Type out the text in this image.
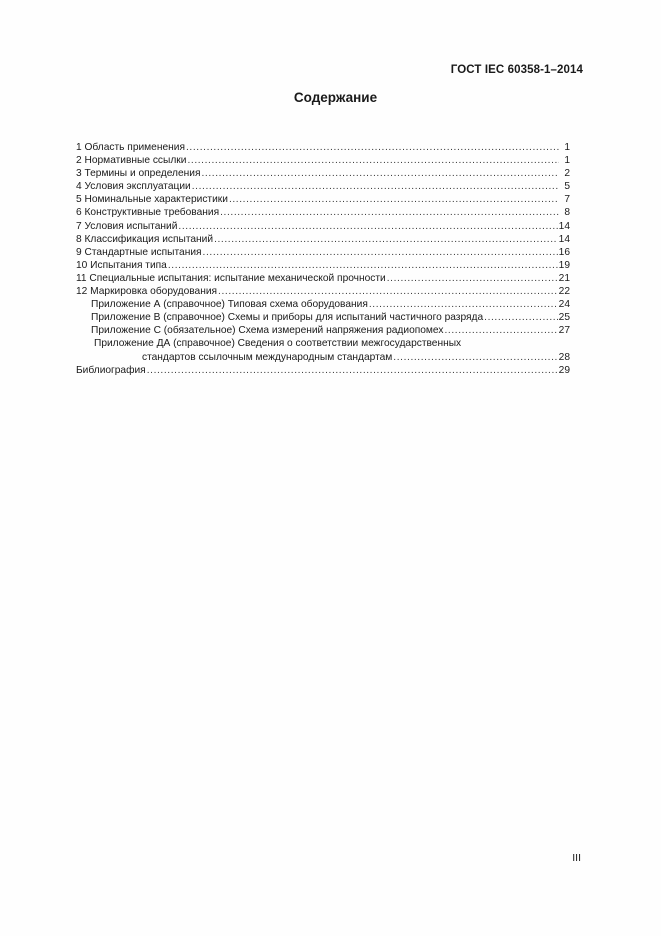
ГОСТ IEC 60358-1–2014
Содержание
1 Область применения .....	1
2 Нормативные ссылки .....	1
3 Термины и определения .....	2
4 Условия эксплуатации .....	5
5 Номинальные характеристики .....	7
6 Конструктивные требования .....	8
7 Условия испытаний .....	14
8 Классификация испытаний .....	14
9 Стандартные испытания .....	16
10 Испытания типа .....	19
11 Специальные испытания: испытание механической прочности .....	21
12 Маркировка оборудования .....	22
Приложение А (справочное) Типовая схема оборудования .....	24
Приложение В (справочное) Схемы и приборы для испытаний частичного разряда .....	25
Приложение С (обязательное) Схема измерений напряжения радиопомех .....	27
Приложение ДА (справочное) Сведения о соответствии межгосударственных
стандартов ссылочным международным стандартам .....	28
Библиография .....	29
III
